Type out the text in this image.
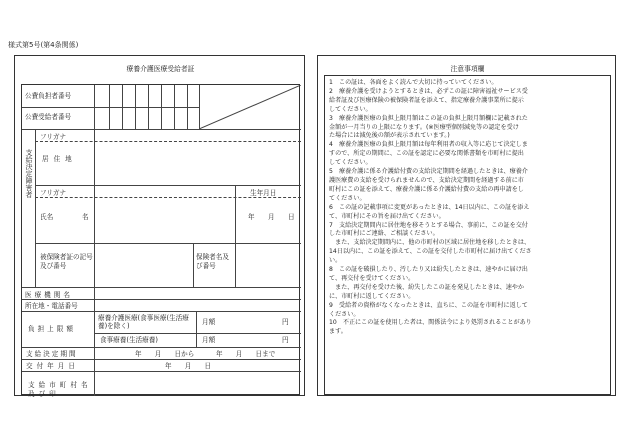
様式第5号(第4条関係)
療養介護医療受給者証
公費負担者番号
公費受給者番号
支給決定障害者
フリガナ
居住地
フリガナ	生年月日
氏名	名	年 月 日
被保険者証の記号及び番号
保険者名及び番号
医療機関名
所在地・電話番号
負担上限額
療養介護医療(食事医療(生活療養)を除く)	月額	円
食事療養(生活療養)	月額	円
支給決定期間	年　　月　　日から	年　　月　　日まで
交付年月日	年　　月　　日
支給市町村名及び印
注意事項欄

1　この証は、各面をよく読んで大切に持っていてください。

2　療養介護を受けようとするときは、必ずこの証に障害福祉サービス受

給者証及び医療保険の被保険者証を添えて、指定療養介護事業所に提示

してください。

3　療養介護医療の負担上限月額はこの証の負担上限月額欄に記載された

金額が一月当りの上限になります。(※医療型個別減免等の認定を受け

た場合には減免後の額が表示されています。)

4　療養介護医療の負担上限月額は毎年利用者の収入等に応じて決定しま

すので、所定の期間に、この証を認定に必要な関係書類を市町村に提出

してください。

5　療養介護に係る介護給付費の支給決定期間を経過したときは、療養介

護医療費の支給を受けられませんので、支給決定期間を経過する前に市

町村にこの証を添えて、療養介護に係る介護給付費の支給の再申請をし

てください。

6　この証の記載事項に変更があったときは、14日以内に、この証を添え

て、市町村にその旨を届け出てください。

7　支給決定期間内に居住地を移そうとする場合、事前に、この証を交付

した市町村にご連絡、ご相談ください。

　また、支給決定期間内に、他の市町村の区域に居住地を移したときは、

14日以内に、この証を添えて、この証を交付した市町村に届け出てくださ

い。

8　この証を破損したり、汚したり又は紛失したときは、速やかに届け出

て、再交付を受けてください。

　また、再交付を受けた後、紛失したこの証を発見したときは、速やか

に、市町村に返してください。

9　受給者の資格がなくなったときは、直ちに、この証を市町村に返して

ください。

10　不正にこの証を使用した者は、関係法令により処罰されることがあり

ます。
